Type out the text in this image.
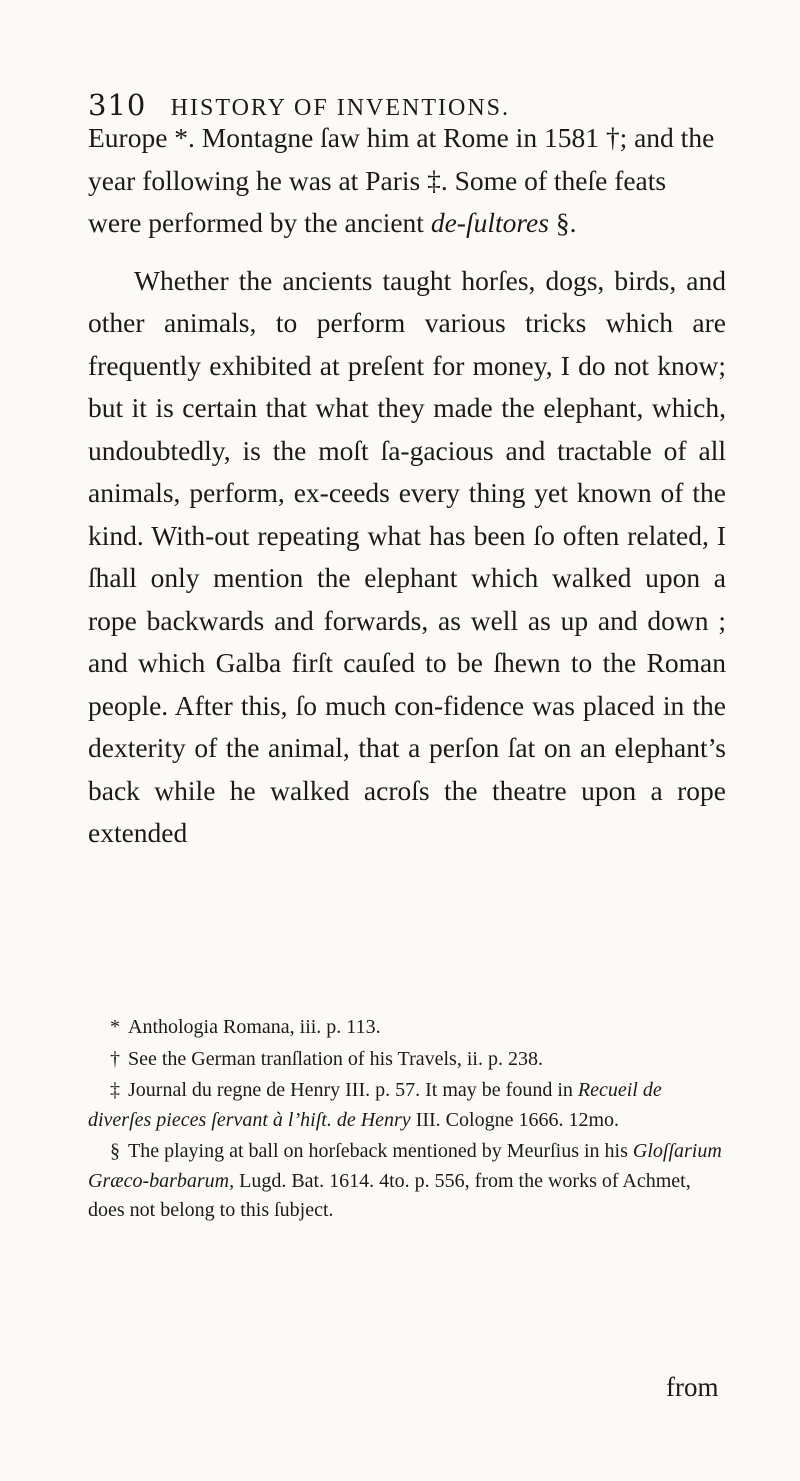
310 HISTORY OF INVENTIONS.

Europe *. Montagne ſaw him at Rome in 1581 †; and the year following he was at Paris ‡. Some of theſe feats were performed by the ancient de-ſultores §.

Whether the ancients taught horſes, dogs, birds, and other animals, to perform various tricks which are frequently exhibited at preſent for money, I do not know; but it is certain that what they made the elephant, which, undoubtedly, is the moſt ſa-gacious and tractable of all animals, perform, ex-ceeds every thing yet known of the kind. With-out repeating what has been ſo often related, I ſhall only mention the elephant which walked upon a rope backwards and forwards, as well as up and down ; and which Galba firſt cauſed to be ſhewn to the Roman people. After this, ſo much con-fidence was placed in the dexterity of the animal, that a perſon ſat on an elephant’s back while he walked acroſs the theatre upon a rope extended

* Anthologia Romana, iii. p. 113.

† See the German tranſlation of his Travels, ii. p. 238.

‡ Journal du regne de Henry III. p. 57. It may be found in Recueil de diverſes pieces ſervant à l’hiſt. de Henry III. Cologne 1666. 12mo.

§ The playing at ball on horſeback mentioned by Meurſius in his Gloſſarium Græco-barbarum, Lugd. Bat. 1614. 4to. p. 556, from the works of Achmet, does not belong to this ſubject.

from
